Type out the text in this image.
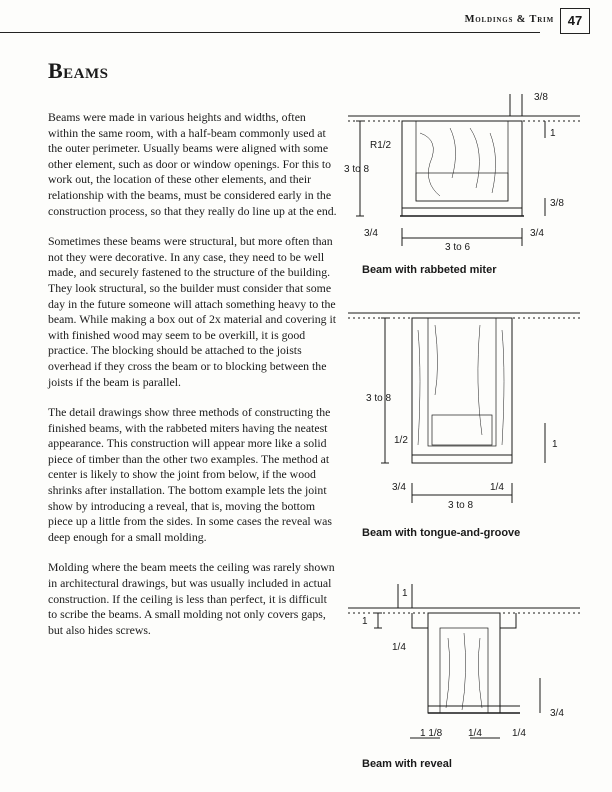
Moldings & Trim	47
Beams

Beams were made in various heights and widths, often within the same room, with a half-beam commonly used at the outer perimeter. Usually beams were aligned with some other element, such as door or window openings. For this to work out, the location of these other elements, and their relationship with the beams, must be considered early in the construction process, so that they really do line up at the end.

Sometimes these beams were structural, but more often than not they were decorative. In any case, they need to be well made, and securely fastened to the structure of the building. They look structural, so the builder must consider that some day in the future someone will attach something heavy to the beam. While making a box out of 2x material and covering it with finished wood may seem to be overkill, it is good practice. The blocking should be attached to the joists overhead if they cross the beam or to blocking between the joists if the beam is parallel.

The detail drawings show three methods of constructing the finished beams, with the rabbeted miters having the neatest appearance. This construction will appear more like a solid piece of timber than the other two examples. The method at center is likely to show the joint from below, if the wood shrinks after installation. The bottom example lets the joint show by introducing a reveal, that is, moving the bottom piece up a little from the sides. In some cases the reveal was deep enough for a small molding.

Molding where the beam meets the ceiling was rarely shown in architectural drawings, but was usually included in actual construction. If the ceiling is less than perfect, it is difficult to scribe the beams. A small molding not only covers gaps, but also hides screws.

3/8
R1/2
1
3 to 8
3/8
3/4	3/4
3 to 6
Beam with rabbeted miter
3 to 8
1/2	1
3/4	1/4
3 to 8
Beam with tongue-and-groove
1
1
1/4
3/4
1 1/8	1/4	1/4
Beam with reveal
